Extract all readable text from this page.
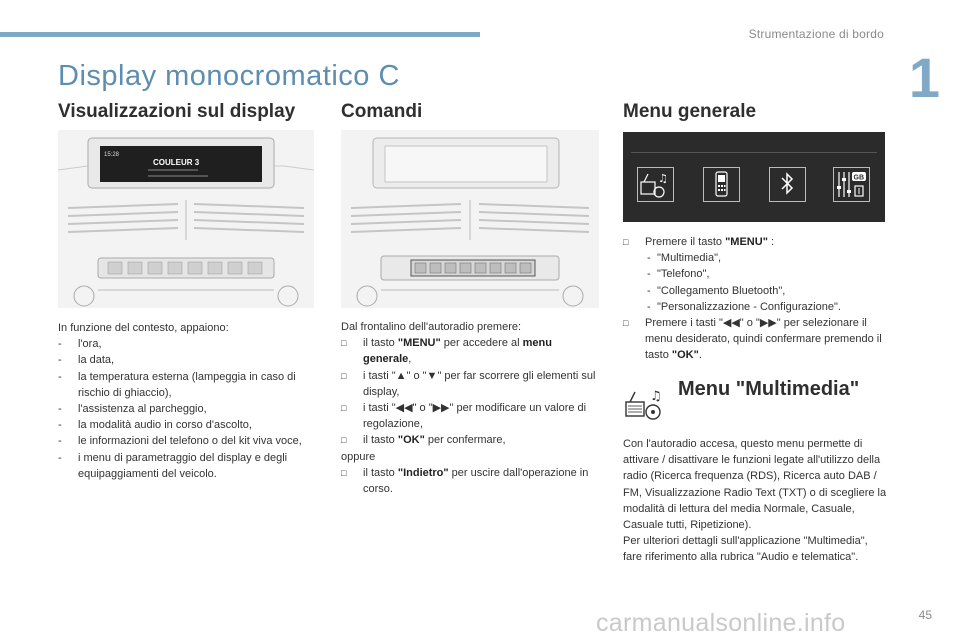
Strumentazione di bordo
1
Display monocromatico C
Visualizzazioni sul display Comandi	Menu generale
15:28
COULEUR 3
♫	GB
In funzione del contesto, appaiono:
- l'ora,
- la data,
- la temperatura esterna (lampeggia in caso di rischio di ghiaccio),
- l'assistenza al parcheggio,
- la modalità audio in corso d'ascolto,
- le informazioni del telefono o del kit viva voce,
- i menu di parametraggio del display e degli equipaggiamenti del veicolo.
Dal frontalino dell'autoradio premere:
□ il tasto "MENU" per accedere al menu generale,
□ i tasti "▲" o "▼" per far scorrere gli elementi sul display,
□ i tasti "◀◀" o "▶▶" per modificare un valore di regolazione,
□ il tasto "OK" per confermare,
oppure
□ il tasto "Indietro" per uscire dall'operazione in corso.
□ Premere il tasto "MENU" :
- "Multimedia",
- "Telefono",
- "Collegamento Bluetooth",
- "Personalizzazione - Configurazione".
□ Premere i tasti "◀◀" o "▶▶" per selezionare il menu desiderato, quindi confermare premendo il tasto "OK".
♫ Menu "Multimedia"
Con l'autoradio accesa, questo menu permette di attivare / disattivare le funzioni legate all'utilizzo della radio (Ricerca frequenza (RDS), Ricerca auto DAB / FM, Visualizzazione Radio Text (TXT) o di scegliere la modalità di lettura del media Normale, Casuale, Casuale tutti, Ripetizione).
Per ulteriori dettagli sull'applicazione "Multimedia", fare riferimento alla rubrica "Audio e telematica".
carmanualsonline.info	45
